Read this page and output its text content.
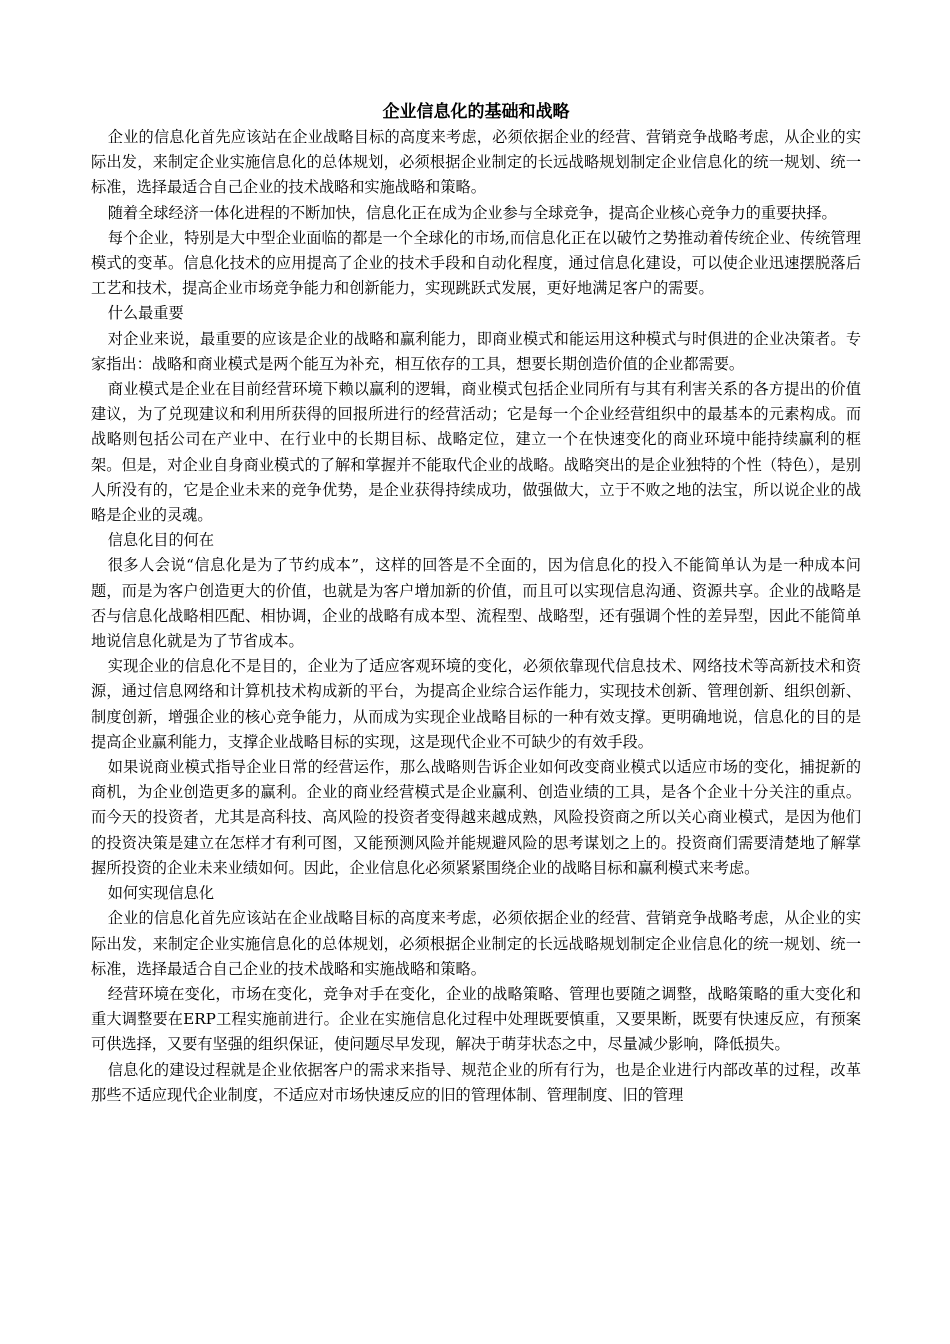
企业信息化的基础和战略

企业的信息化首先应该站在企业战略目标的高度来考虑，必须依据企业的经营、营销竞争战略考虑，从企业的实际出发，来制定企业实施信息化的总体规划，必须根据企业制定的长远战略规划制定企业信息化的统一规划、统一标准，选择最适合自己企业的技术战略和实施战略和策略。

随着全球经济一体化进程的不断加快，信息化正在成为企业参与全球竞争，提高企业核心竞争力的重要抉择。

每个企业，特别是大中型企业面临的都是一个全球化的市场,而信息化正在以破竹之势推动着传统企业、传统管理模式的变革。信息化技术的应用提高了企业的技术手段和自动化程度，通过信息化建设，可以使企业迅速摆脱落后工艺和技术，提高企业市场竞争能力和创新能力，实现跳跃式发展，更好地满足客户的需要。

什么最重要

对企业来说，最重要的应该是企业的战略和赢利能力，即商业模式和能运用这种模式与时俱进的企业决策者。专家指出：战略和商业模式是两个能互为补充，相互依存的工具，想要长期创造价值的企业都需要。

商业模式是企业在目前经营环境下赖以赢利的逻辑，商业模式包括企业同所有与其有利害关系的各方提出的价值建议，为了兑现建议和利用所获得的回报所进行的经营活动；它是每一个企业经营组织中的最基本的元素构成。而战略则包括公司在产业中、在行业中的长期目标、战略定位，建立一个在快速变化的商业环境中能持续赢利的框架。但是，对企业自身商业模式的了解和掌握并不能取代企业的战略。战略突出的是企业独特的个性（特色），是别人所没有的，它是企业未来的竞争优势，是企业获得持续成功，做强做大，立于不败之地的法宝，所以说企业的战略是企业的灵魂。

信息化目的何在

很多人会说“信息化是为了节约成本”，这样的回答是不全面的，因为信息化的投入不能简单认为是一种成本问题，而是为客户创造更大的价值，也就是为客户增加新的价值，而且可以实现信息沟通、资源共享。企业的战略是否与信息化战略相匹配、相协调，企业的战略有成本型、流程型、战略型，还有强调个性的差异型，因此不能简单地说信息化就是为了节省成本。

实现企业的信息化不是目的，企业为了适应客观环境的变化，必须依靠现代信息技术、网络技术等高新技术和资源，通过信息网络和计算机技术构成新的平台，为提高企业综合运作能力，实现技术创新、管理创新、组织创新、制度创新，增强企业的核心竞争能力，从而成为实现企业战略目标的一种有效支撑。更明确地说，信息化的目的是提高企业赢利能力，支撑企业战略目标的实现，这是现代企业不可缺少的有效手段。

如果说商业模式指导企业日常的经营运作，那么战略则告诉企业如何改变商业模式以适应市场的变化，捕捉新的商机，为企业创造更多的赢利。企业的商业经营模式是企业赢利、创造业绩的工具，是各个企业十分关注的重点。而今天的投资者，尤其是高科技、高风险的投资者变得越来越成熟，风险投资商之所以关心商业模式，是因为他们的投资决策是建立在怎样才有利可图，又能预测风险并能规避风险的思考谋划之上的。投资商们需要清楚地了解掌握所投资的企业未来业绩如何。因此，企业信息化必须紧紧围绕企业的战略目标和赢利模式来考虑。

如何实现信息化

企业的信息化首先应该站在企业战略目标的高度来考虑，必须依据企业的经营、营销竞争战略考虑，从企业的实际出发，来制定企业实施信息化的总体规划，必须根据企业制定的长远战略规划制定企业信息化的统一规划、统一标准，选择最适合自己企业的技术战略和实施战略和策略。

经营环境在变化，市场在变化，竞争对手在变化，企业的战略策略、管理也要随之调整，战略策略的重大变化和重大调整要在ERP工程实施前进行。企业在实施信息化过程中处理既要慎重，又要果断，既要有快速反应，有预案可供选择，又要有坚强的组织保证，使问题尽早发现，解决于萌芽状态之中，尽量减少影响，降低损失。

信息化的建设过程就是企业依据客户的需求来指导、规范企业的所有行为，也是企业进行内部改革的过程，改革那些不适应现代企业制度，不适应对市场快速反应的旧的管理体制、管理制度、旧的管理
